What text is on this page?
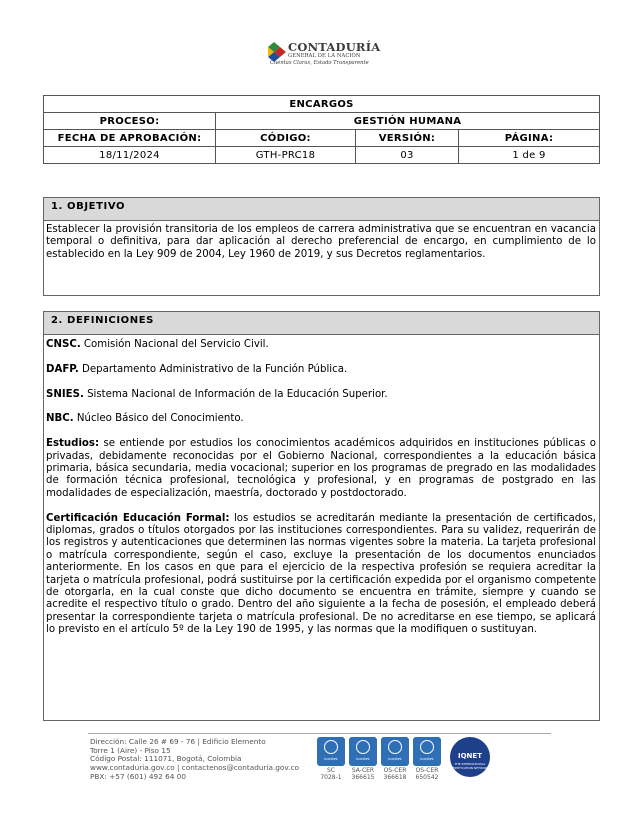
CONTADURÍA
GENERAL DE LA NACIÓN
Cuentas Claras, Estado Transparente
ENCARGOS			
PROCESO:	GESTIÓN HUMANA		
FECHA DE APROBACIÓN:	CÓDIGO:	VERSIÓN:	PÁGINA:
18/11/2024	GTH-PRC18	03	1 de 9
1. OBJETIVO

Establecer la provisión transitoria de los empleos de carrera administrativa que se encuentran en vacancia temporal o definitiva, para dar aplicación al derecho preferencial de encargo, en cumplimiento de lo establecido en la Ley 909 de 2004, Ley 1960 de 2019, y sus Decretos reglamentarios.

2. DEFINICIONES

CNSC. Comisión Nacional del Servicio Civil.

DAFP. Departamento Administrativo de la Función Pública.

SNIES. Sistema Nacional de Información de la Educación Superior.

NBC. Núcleo Básico del Conocimiento.

Estudios: se entiende por estudios los conocimientos académicos adquiridos en instituciones públicas o privadas, debidamente reconocidas por el Gobierno Nacional, correspondientes a la educación básica primaria, básica secundaria, media vocacional; superior en los programas de pregrado en las modalidades de formación técnica profesional, tecnológica y profesional, y en programas de postgrado en las modalidades de especialización, maestría, doctorado y postdoctorado.

Certificación Educación Formal: los estudios se acreditarán mediante la presentación de certificados, diplomas, grados o títulos otorgados por las instituciones correspondientes. Para su validez, requerirán de los registros y autenticaciones que determinen las normas vigentes sobre la materia. La tarjeta profesional o matrícula correspondiente, según el caso, excluye la presentación de los documentos enunciados anteriormente. En los casos en que para el ejercicio de la respectiva profesión se requiera acreditar la tarjeta o matrícula profesional, podrá sustituirse por la certificación expedida por el organismo competente de otorgarla, en la cual conste que dicho documento se encuentra en trámite, siempre y cuando se acredite el respectivo título o grado. Dentro del año siguiente a la fecha de posesión, el empleado deberá presentar la correspondiente tarjeta o matrícula profesional. De no acreditarse en ese tiempo, se aplicará lo previsto en el artículo 5º de la Ley 190 de 1995, y las normas que la modifiquen o sustituyan.

Dirección: Calle 26 # 69 - 76 | Edificio Elemento
Torre 1 (Aire) - Piso 15
Código Postal: 111071, Bogotá, Colombia
www.contaduria.gov.co | contactenos@contaduria.gov.co
PBX: +57 (601) 492 64 00
icontec
SC
7028-1
icontec
SA-CER
366615
icontec
OS-CER
366618
icontec
OS-CER
650542
IQNET
THE INTERNATIONAL CERTIFICATION NETWORK
